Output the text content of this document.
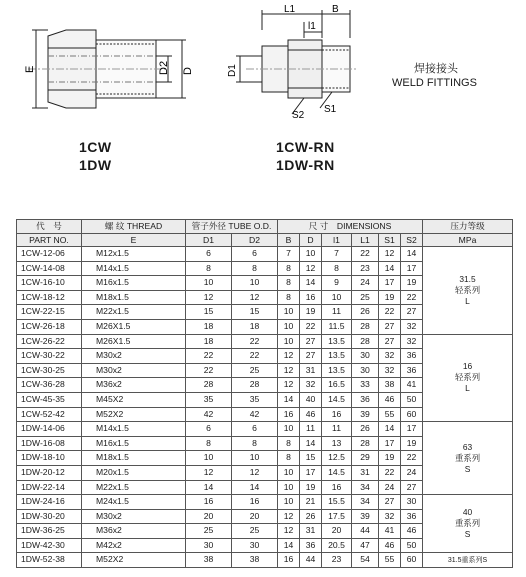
E	D2 D
L1	B
l1
D1
S2
S1
焊接接头
WELD FITTINGS
1CW
1DW
1CW-RN
1DW-RN
代　号	螺 纹 THREAD	管子外径 TUBE O.D.		尺 寸　 DIMENSIONS						压力等级
PART NO.	E	D1	D2	B	D	l1	L1	S1	S2	MPa
1CW-12-06	M12x1.5	6	6	7	10	7	22	12	14	31.5
轻系列
L

1CW-14-08	M14x1.5	8	8	8	12	8	23	14	17	
1CW-16-10	M16x1.5	10	10	8	14	9	24	17	19	
1CW-18-12	M18x1.5	12	12	8	16	10	25	19	22	
1CW-22-15	M22x1.5	15	15	10	19	11	26	22	27	
1CW-26-18	M26X1.5	18	18	10	22	11.5	28	27	32	
1CW-26-22	M26X1.5	18	22	10	27	13.5	28	27	32	16
轻系列
L

1CW-30-22	M30x2	22	22	12	27	13.5	30	32	36	
1CW-30-25	M30x2	22	25	12	31	13.5	30	32	36	
1CW-36-28	M36x2	28	28	12	32	16.5	33	38	41	
1CW-45-35	M45X2	35	35	14	40	14.5	36	46	50	
1CW-52-42	M52X2	42	42	16	46	16	39	55	60	
1DW-14-06	M14x1.5	6	6	10	11	11	26	14	17	63
重系列
S

1DW-16-08	M16x1.5	8	8	8	14	13	28	17	19	
1DW-18-10	M18x1.5	10	10	8	15	12.5	29	19	22	
1DW-20-12	M20x1.5	12	12	10	17	14.5	31	22	24	
1DW-22-14	M22x1.5	14	14	10	19	16	34	24	27	
1DW-24-16	M24x1.5	16	16	10	21	15.5	34	27	30	40
重系列
S

1DW-30-20	M30x2	20	20	12	26	17.5	39	32	36	
1DW-36-25	M36x2	25	25	12	31	20	44	41	46	
1DW-42-30	M42x2	30	30	14	36	20.5	47	46	50	
1DW-52-38	M52X2	38	38	16	44	23	54	55	60	31.5重系列S
